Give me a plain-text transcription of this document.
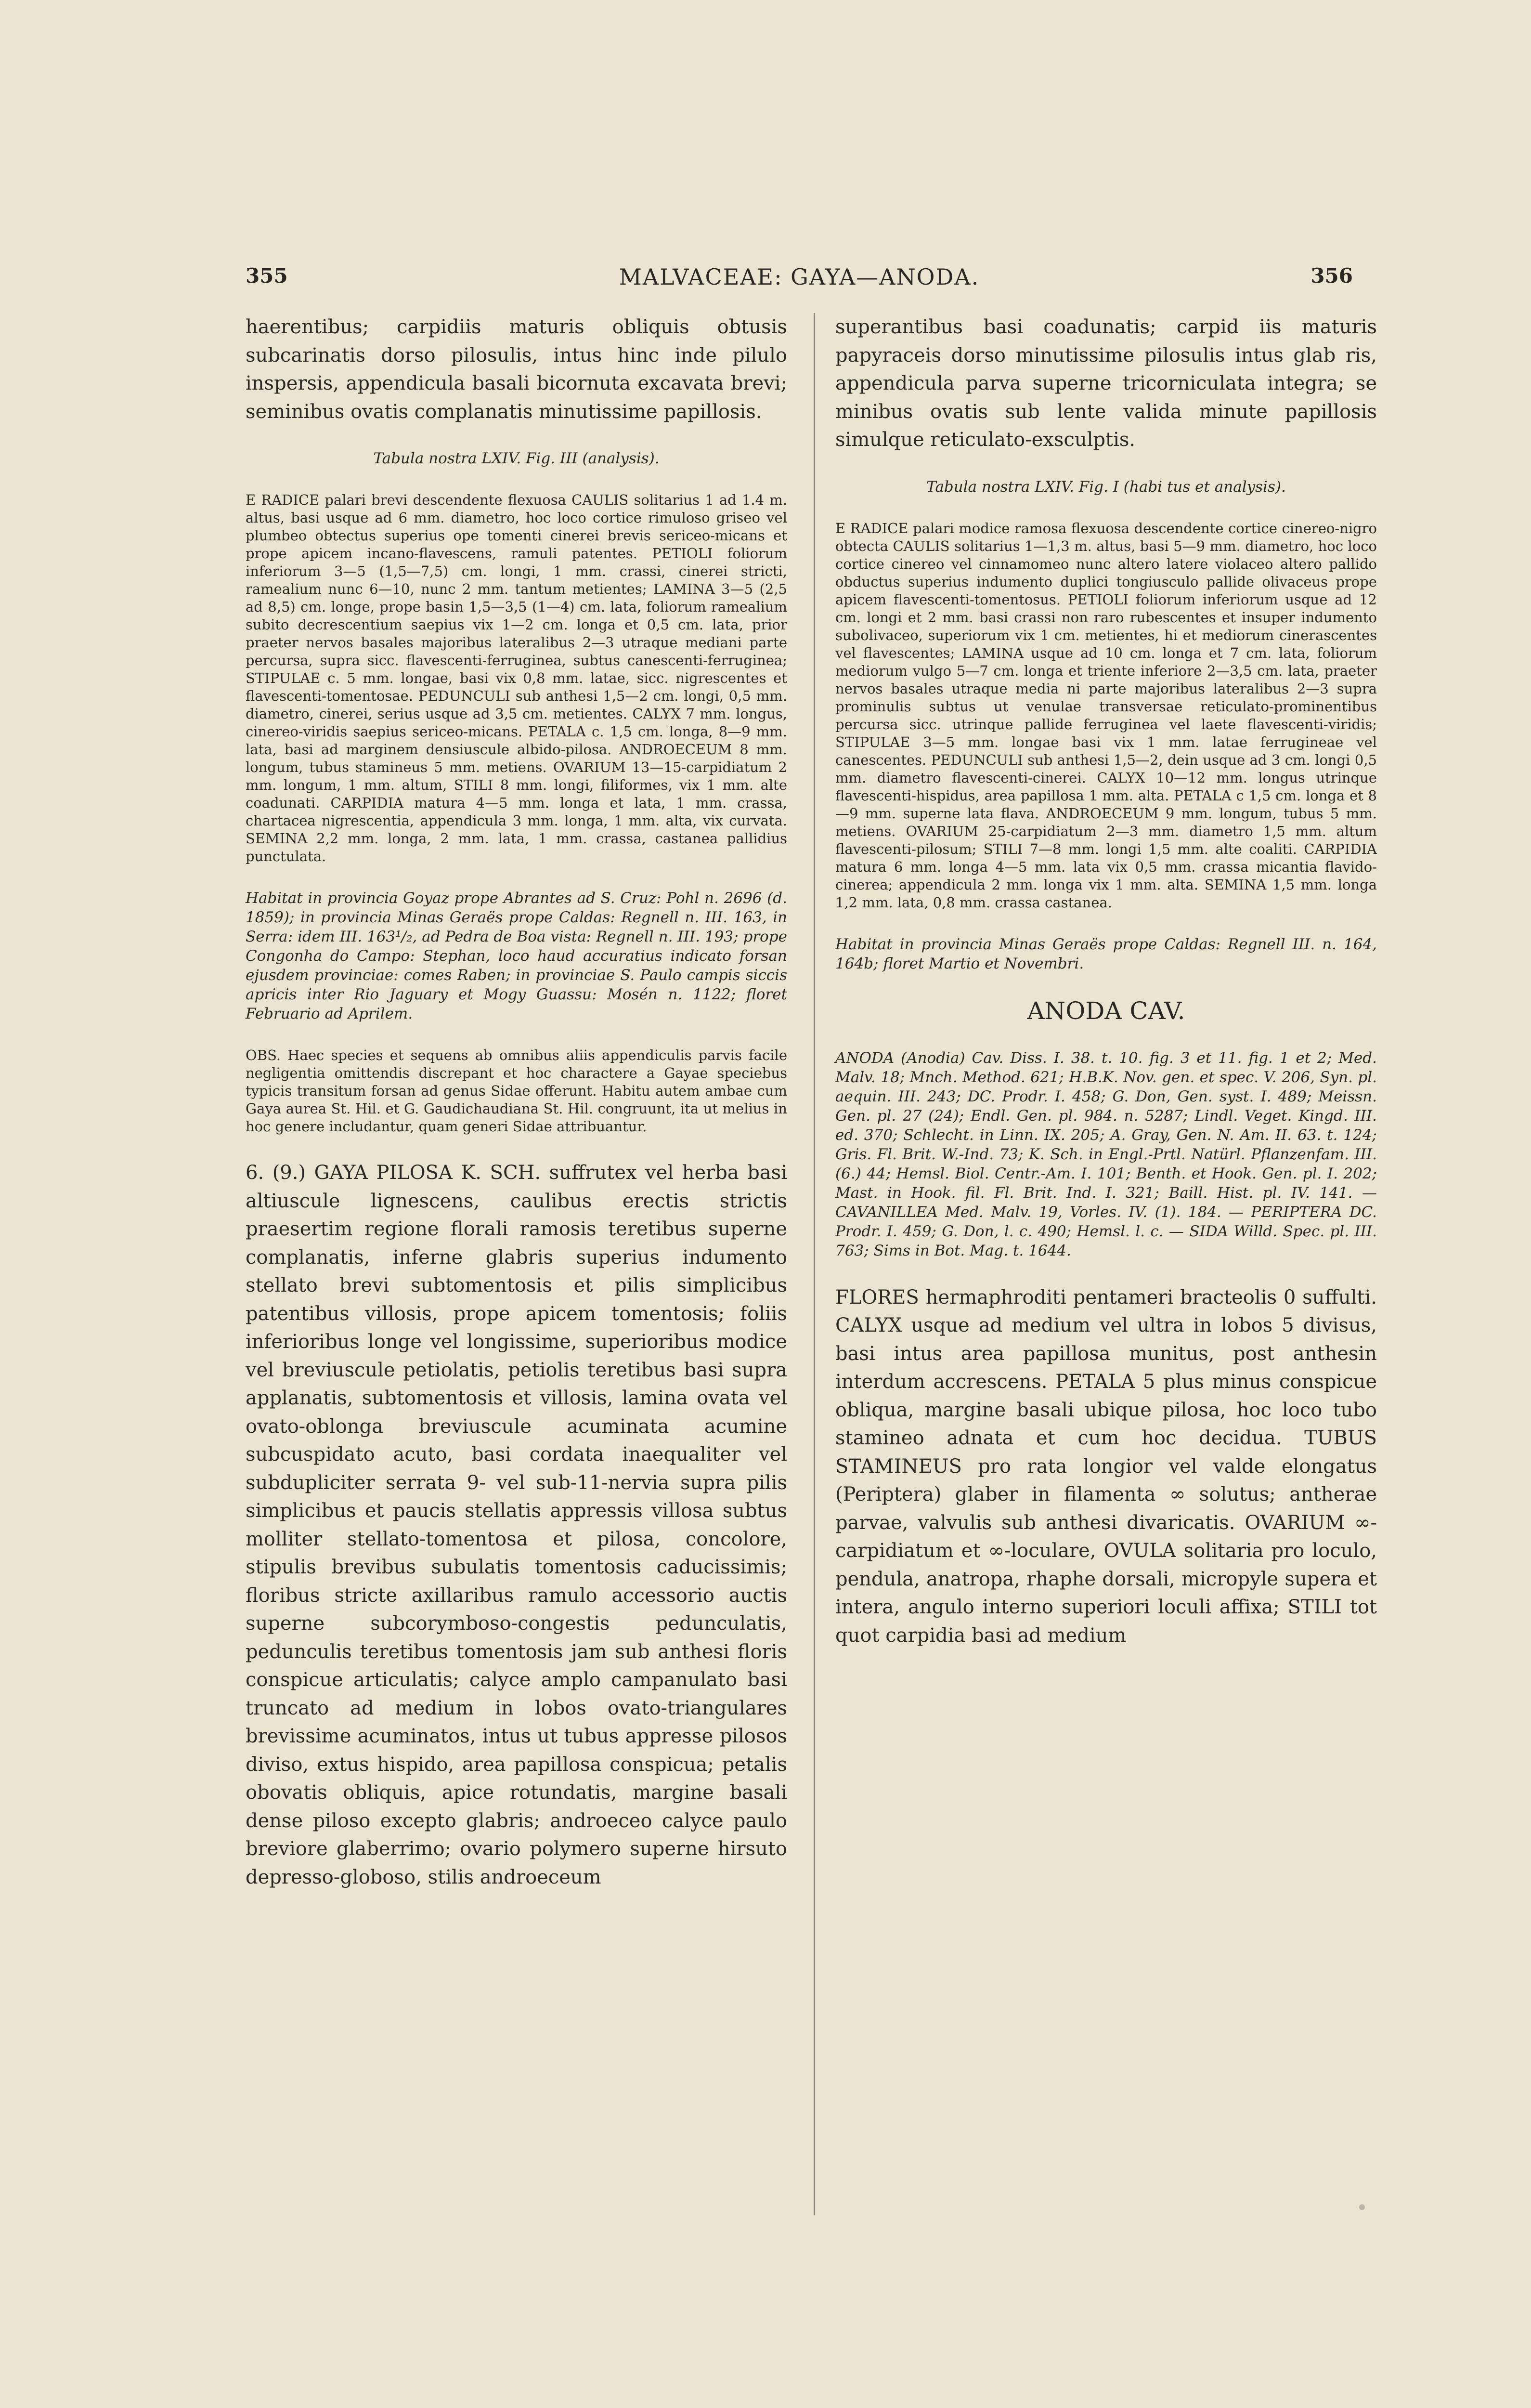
355	MALVACEAE: GAYA—ANODA.	356

haerentibus; carpidiis maturis obliquis obtusis subcarinatis dorso pilosulis, intus hinc inde pilulo inspersis, appendicula basali bicornuta excavata brevi; seminibus ovatis complanatis minutissime papillosis.

Tabula nostra LXIV. Fig. III (analysis).

E RADICE palari brevi descendente flexuosa CAULIS solitarius 1 ad 1.4 m. altus, basi usque ad 6 mm. diametro, hoc loco cortice rimuloso griseo vel plumbeo obtectus superius ope tomenti cinerei brevis sericeo-micans et prope apicem incano-flavescens, ramuli patentes. PETIOLI foliorum inferiorum 3—5 (1,5—7,5) cm. longi, 1 mm. crassi, cinerei stricti, ramealium nunc 6—10, nunc 2 mm. tantum metientes; LAMINA 3—5 (2,5 ad 8,5) cm. longe, prope basin 1,5—3,5 (1—4) cm. lata, foliorum ramealium subito decrescentium saepius vix 1—2 cm. longa et 0,5 cm. lata, prior praeter nervos basales majoribus lateralibus 2—3 utraque mediani parte percursa, supra sicc. flavescenti-ferruginea, subtus canescenti-ferruginea; STIPULAE c. 5 mm. longae, basi vix 0,8 mm. latae, sicc. nigrescentes et flavescenti-tomentosae. PEDUNCULI sub anthesi 1,5—2 cm. longi, 0,5 mm. diametro, cinerei, serius usque ad 3,5 cm. metientes. CALYX 7 mm. longus, cinereo-viridis saepius sericeo-micans. PETALA c. 1,5 cm. longa, 8—9 mm. lata, basi ad marginem densiuscule albido-pilosa. ANDROECEUM 8 mm. longum, tubus stamineus 5 mm. metiens. OVARIUM 13—15-carpidiatum 2 mm. longum, 1 mm. altum, STILI 8 mm. longi, filiformes, vix 1 mm. alte coadunati. CARPIDIA matura 4—5 mm. longa et lata, 1 mm. crassa, chartacea nigrescentia, appendicula 3 mm. longa, 1 mm. alta, vix curvata. SEMINA 2,2 mm. longa, 2 mm. lata, 1 mm. crassa, castanea pallidius punctulata.

Habitat in provincia Goyaz prope Abrantes ad S. Cruz: Pohl n. 2696 (d. 1859); in provincia Minas Geraës prope Caldas: Regnell n. III. 163, in Serra: idem III. 163¹/₂, ad Pedra de Boa vista: Regnell n. III. 193; prope Congonha do Campo: Stephan, loco haud accuratius indicato forsan ejusdem provinciae: comes Raben; in provinciae S. Paulo campis siccis apricis inter Rio Jaguary et Mogy Guassu: Mosén n. 1122; floret Februario ad Aprilem.

OBS. Haec species et sequens ab omnibus aliis appendiculis parvis facile negligentia omittendis discrepant et hoc charactere a Gayae speciebus typicis transitum forsan ad genus Sidae offerunt. Habitu autem ambae cum Gaya aurea St. Hil. et G. Gaudichaudiana St. Hil. congruunt, ita ut melius in hoc genere includantur, quam generi Sidae attribuantur.

6. (9.) GAYA PILOSA K. SCH. suffrutex vel herba basi altiuscule lignescens, caulibus erectis strictis praesertim regione florali ramosis teretibus superne complanatis, inferne glabris superius indumento stellato brevi subtomentosis et pilis simplicibus patentibus villosis, prope apicem tomentosis; foliis inferioribus longe vel longissime, superioribus modice vel breviuscule petiolatis, petiolis teretibus basi supra applanatis, subtomentosis et villosis, lamina ovata vel ovato-oblonga breviuscule acuminata acumine subcuspidato acuto, basi cordata inaequaliter vel subdupliciter serrata 9- vel sub-11-nervia supra pilis simplicibus et paucis stellatis appressis villosa subtus molliter stellato-tomentosa et pilosa, concolore, stipulis brevibus subulatis tomentosis caducissimis; floribus stricte axillaribus ramulo accessorio auctis superne subcorymboso-congestis pedunculatis, pedunculis teretibus tomentosis jam sub anthesi floris conspicue articulatis; calyce amplo campanulato basi truncato ad medium in lobos ovato-triangulares brevissime acuminatos, intus ut tubus appresse pilosos diviso, extus hispido, area papillosa conspicua; petalis obovatis obliquis, apice rotundatis, margine basali dense piloso excepto glabris; androeceo calyce paulo breviore glaberrimo; ovario polymero superne hirsuto depresso-globoso, stilis androeceum

superantibus basi coadunatis; carpid iis maturis papyraceis dorso minutissime pilosulis intus glab ris, appendicula parva superne tricorniculata integra; se minibus ovatis sub lente valida minute papillosis simulque reticulato-exsculptis.

Tabula nostra LXIV. Fig. I (habi tus et analysis).

E RADICE palari modice ramosa flexuosa descendente cortice cinereo-nigro obtecta CAULIS solitarius 1—1,3 m. altus, basi 5—9 mm. diametro, hoc loco cortice cinereo vel cinnamomeo nunc altero latere violaceo altero pallido obductus superius indumento duplici tongiusculo pallide olivaceus prope apicem flavescenti-tomentosus. PETIOLI foliorum inferiorum usque ad 12 cm. longi et 2 mm. basi crassi non raro rubescentes et insuper indumento subolivaceo, superiorum vix 1 cm. metientes, hi et mediorum cinerascentes vel flavescentes; LAMINA usque ad 10 cm. longa et 7 cm. lata, foliorum mediorum vulgo 5—7 cm. longa et triente inferiore 2—3,5 cm. lata, praeter nervos basales utraque media ni parte majoribus lateralibus 2—3 supra prominulis subtus ut venulae transversae reticulato-prominentibus percursa sicc. utrinque pallide ferruginea vel laete flavescenti-viridis; STIPULAE 3—5 mm. longae basi vix 1 mm. latae ferrugineae vel canescentes. PEDUNCULI sub anthesi 1,5—2, dein usque ad 3 cm. longi 0,5 mm. diametro flavescenti-cinerei. CALYX 10—12 mm. longus utrinque flavescenti-hispidus, area papillosa 1 mm. alta. PETALA c 1,5 cm. longa et 8—9 mm. superne lata flava. ANDROECEUM 9 mm. longum, tubus 5 mm. metiens. OVARIUM 25-carpidiatum 2—3 mm. diametro 1,5 mm. altum flavescenti-pilosum; STILI 7—8 mm. longi 1,5 mm. alte coaliti. CARPIDIA matura 6 mm. longa 4—5 mm. lata vix 0,5 mm. crassa micantia flavido-cinerea; appendicula 2 mm. longa vix 1 mm. alta. SEMINA 1,5 mm. longa 1,2 mm. lata, 0,8 mm. crassa castanea.

Habitat in provincia Minas Geraës prope Caldas: Regnell III. n. 164, 164b; floret Martio et Novembri.

ANODA CAV.

ANODA (Anodia) Cav. Diss. I. 38. t. 10. fig. 3 et 11. fig. 1 et 2; Med. Malv. 18; Mnch. Method. 621; H.B.K. Nov. gen. et spec. V. 206, Syn. pl. aequin. III. 243; DC. Prodr. I. 458; G. Don, Gen. syst. I. 489; Meissn. Gen. pl. 27 (24); Endl. Gen. pl. 984. n. 5287; Lindl. Veget. Kingd. III. ed. 370; Schlecht. in Linn. IX. 205; A. Gray, Gen. N. Am. II. 63. t. 124; Gris. Fl. Brit. W.-Ind. 73; K. Sch. in Engl.-Prtl. Natürl. Pflanzenfam. III. (6.) 44; Hemsl. Biol. Centr.-Am. I. 101; Benth. et Hook. Gen. pl. I. 202; Mast. in Hook. fil. Fl. Brit. Ind. I. 321; Baill. Hist. pl. IV. 141. — CAVANILLEA Med. Malv. 19, Vorles. IV. (1). 184. — PERIPTERA DC. Prodr. I. 459; G. Don, l. c. 490; Hemsl. l. c. — SIDA Willd. Spec. pl. III. 763; Sims in Bot. Mag. t. 1644.

FLORES hermaphroditi pentameri bracteolis 0 suffulti. CALYX usque ad medium vel ultra in lobos 5 divisus, basi intus area papillosa munitus, post anthesin interdum accrescens. PETALA 5 plus minus conspicue obliqua, margine basali ubique pilosa, hoc loco tubo stamineo adnata et cum hoc decidua. TUBUS STAMINEUS pro rata longior vel valde elongatus (Periptera) glaber in filamenta ∞ solutus; antherae parvae, valvulis sub anthesi divaricatis. OVARIUM ∞-carpidiatum et ∞-loculare, OVULA solitaria pro loculo, pendula, anatropa, rhaphe dorsali, micropyle supera et intera, angulo interno superiori loculi affixa; STILI tot quot carpidia basi ad medium
